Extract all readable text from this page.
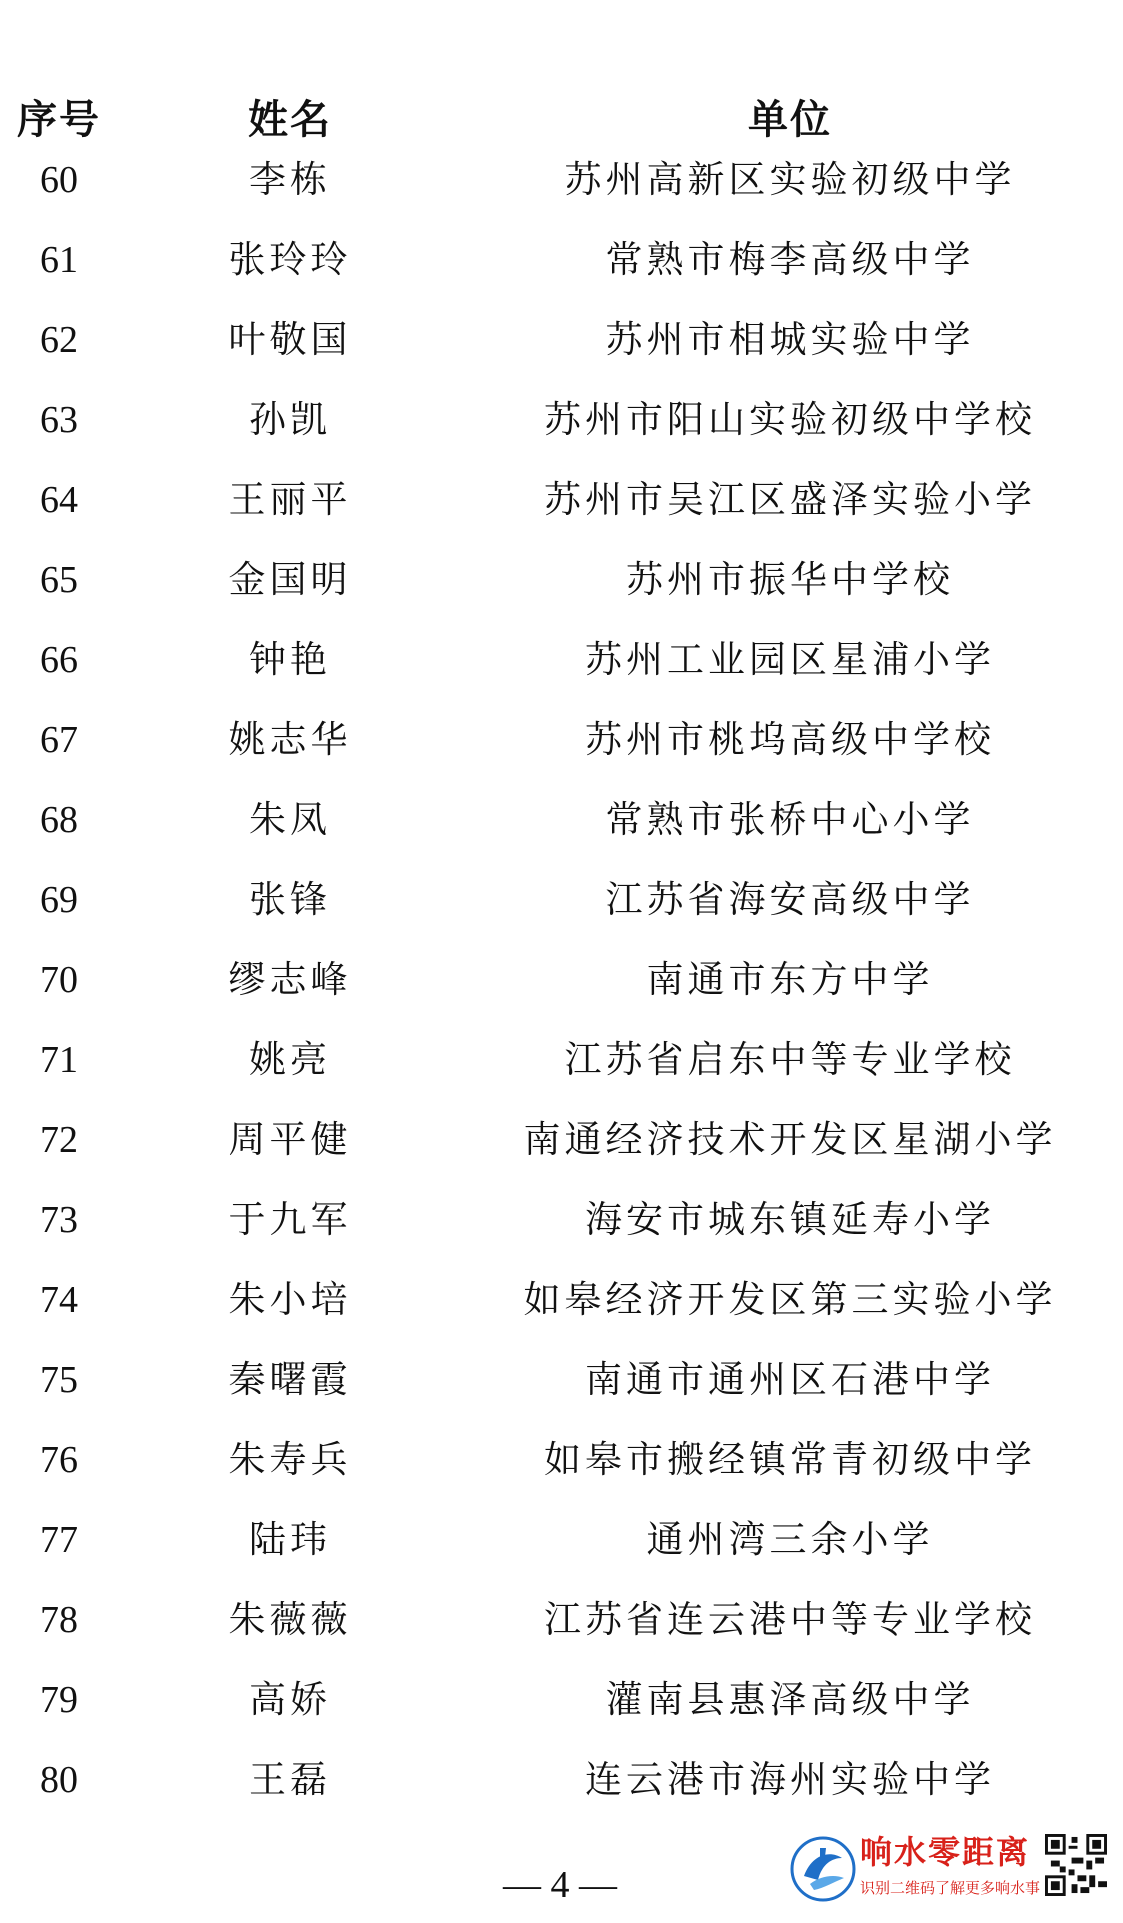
序号	姓名	单位
60	李栋	苏州高新区实验初级中学
61	张玲玲	常熟市梅李高级中学
62	叶敬国	苏州市相城实验中学
63	孙凯	苏州市阳山实验初级中学校
64	王丽平	苏州市吴江区盛泽实验小学
65	金国明	苏州市振华中学校
66	钟艳	苏州工业园区星浦小学
67	姚志华	苏州市桃坞高级中学校
68	朱凤	常熟市张桥中心小学
69	张锋	江苏省海安高级中学
70	缪志峰	南通市东方中学
71	姚亮	江苏省启东中等专业学校
72	周平健	南通经济技术开发区星湖小学
73	于九军	海安市城东镇延寿小学
74	朱小培	如皋经济开发区第三实验小学
75	秦曙霞	南通市通州区石港中学
76	朱寿兵	如皋市搬经镇常青初级中学
77	陆玮	通州湾三余小学
78	朱薇薇	江苏省连云港中等专业学校
79	高娇	灌南县惠泽高级中学
80	王磊	连云港市海州实验中学
— 4 —
响水零距离
识别二维码了解更多响水事
